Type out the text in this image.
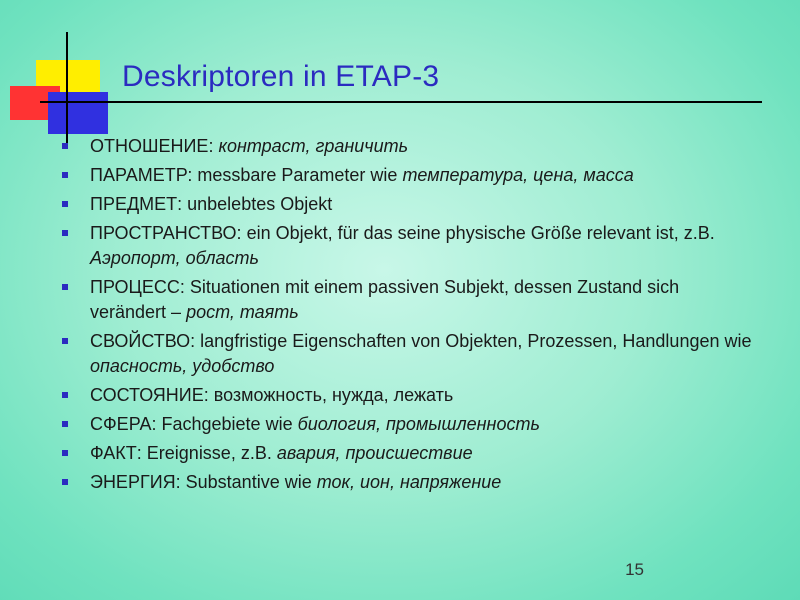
Deskriptoren in ETAP-3
ОТНОШЕНИЕ: контраст, граничить
ПАРАМЕТР: messbare Parameter wie температура, цена, масса
ПРЕДМЕТ: unbelebtes Objekt
ПРОСТРАНСТВО: ein Objekt, für das seine physische Größe relevant ist, z.B. Аэропорт, область
ПРОЦЕСС: Situationen mit einem passiven Subjekt, dessen Zustand sich verändert – рост, таять
СВОЙСТВО: langfristige Eigenschaften von Objekten, Prozessen, Handlungen wie опасность, удобство
СОСТОЯНИЕ: возможность, нужда, лежать
СФЕРА: Fachgebiete wie биология, промышленность
ФАКТ: Ereignisse, z.B. авария, происшествие
ЭНЕРГИЯ: Substantive wie ток, ион, напряжение
15
